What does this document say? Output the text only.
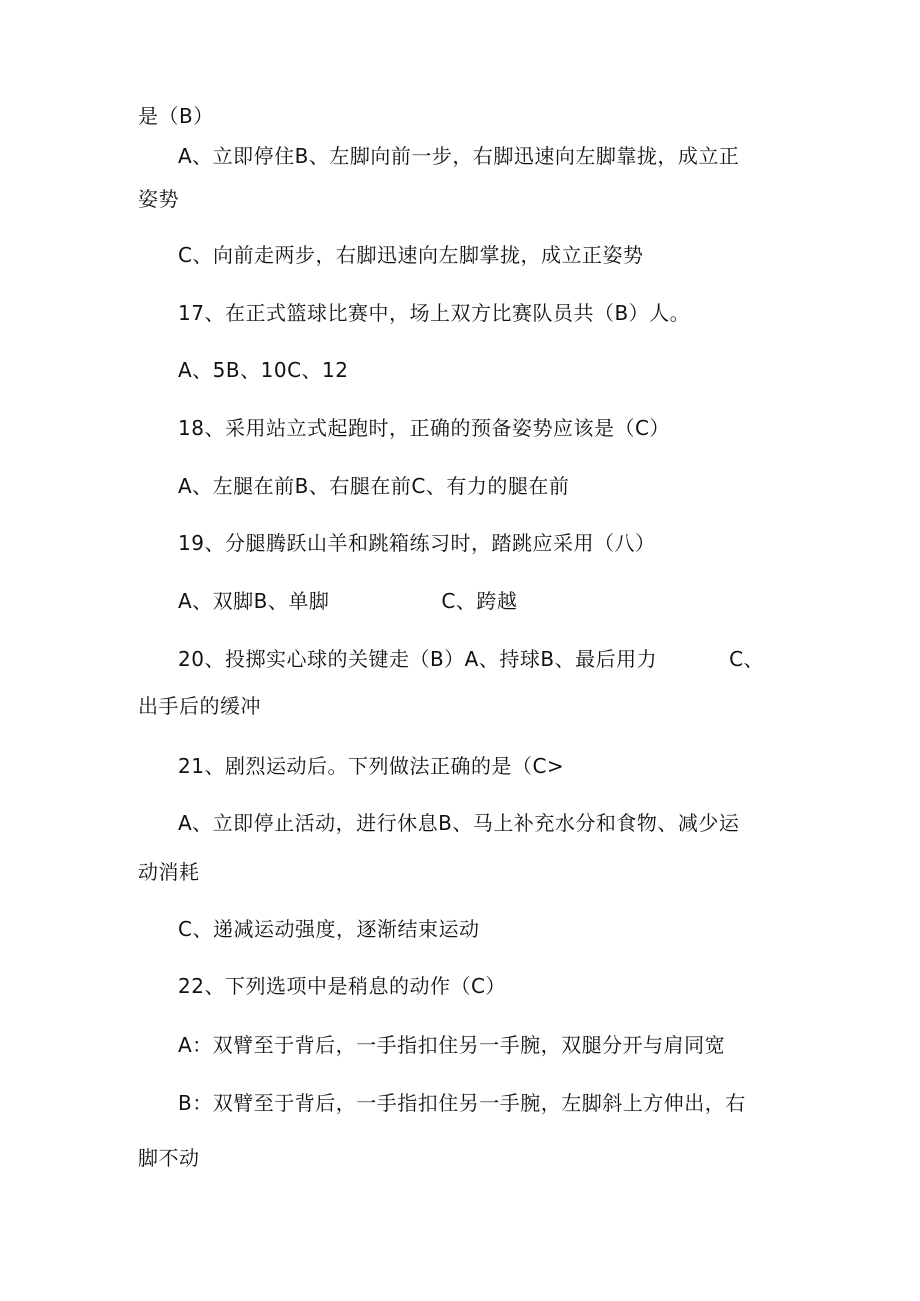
是（B）
A、立即停住B、左脚向前一步，右脚迅速向左脚靠拢，成立正
姿势
C、向前走两步，右脚迅速向左脚掌拢，成立正姿势
17、在正式篮球比赛中，场上双方比赛队员共（B）人。
A、5B、10C、12
18、采用站立式起跑时，正确的预备姿势应该是（C）
A、左腿在前B、右腿在前C、有力的腿在前
19、分腿腾跃山羊和跳箱练习时，踏跳应采用（八）
A、双脚B、单脚	C、跨越
20、投掷实心球的关键走（B）A、持球B、最后用力	C、
出手后的缓冲
21、剧烈运动后。下列做法正确的是（C>
A、立即停止活动，进行休息B、马上补充水分和食物、减少运
动消耗
C、递减运动强度，逐渐结束运动
22、下列选项中是稍息的动作（C）
A：双臂至于背后，一手指扣住另一手腕，双腿分开与肩同宽
B：双臂至于背后，一手指扣住另一手腕，左脚斜上方伸出，右
脚不动
